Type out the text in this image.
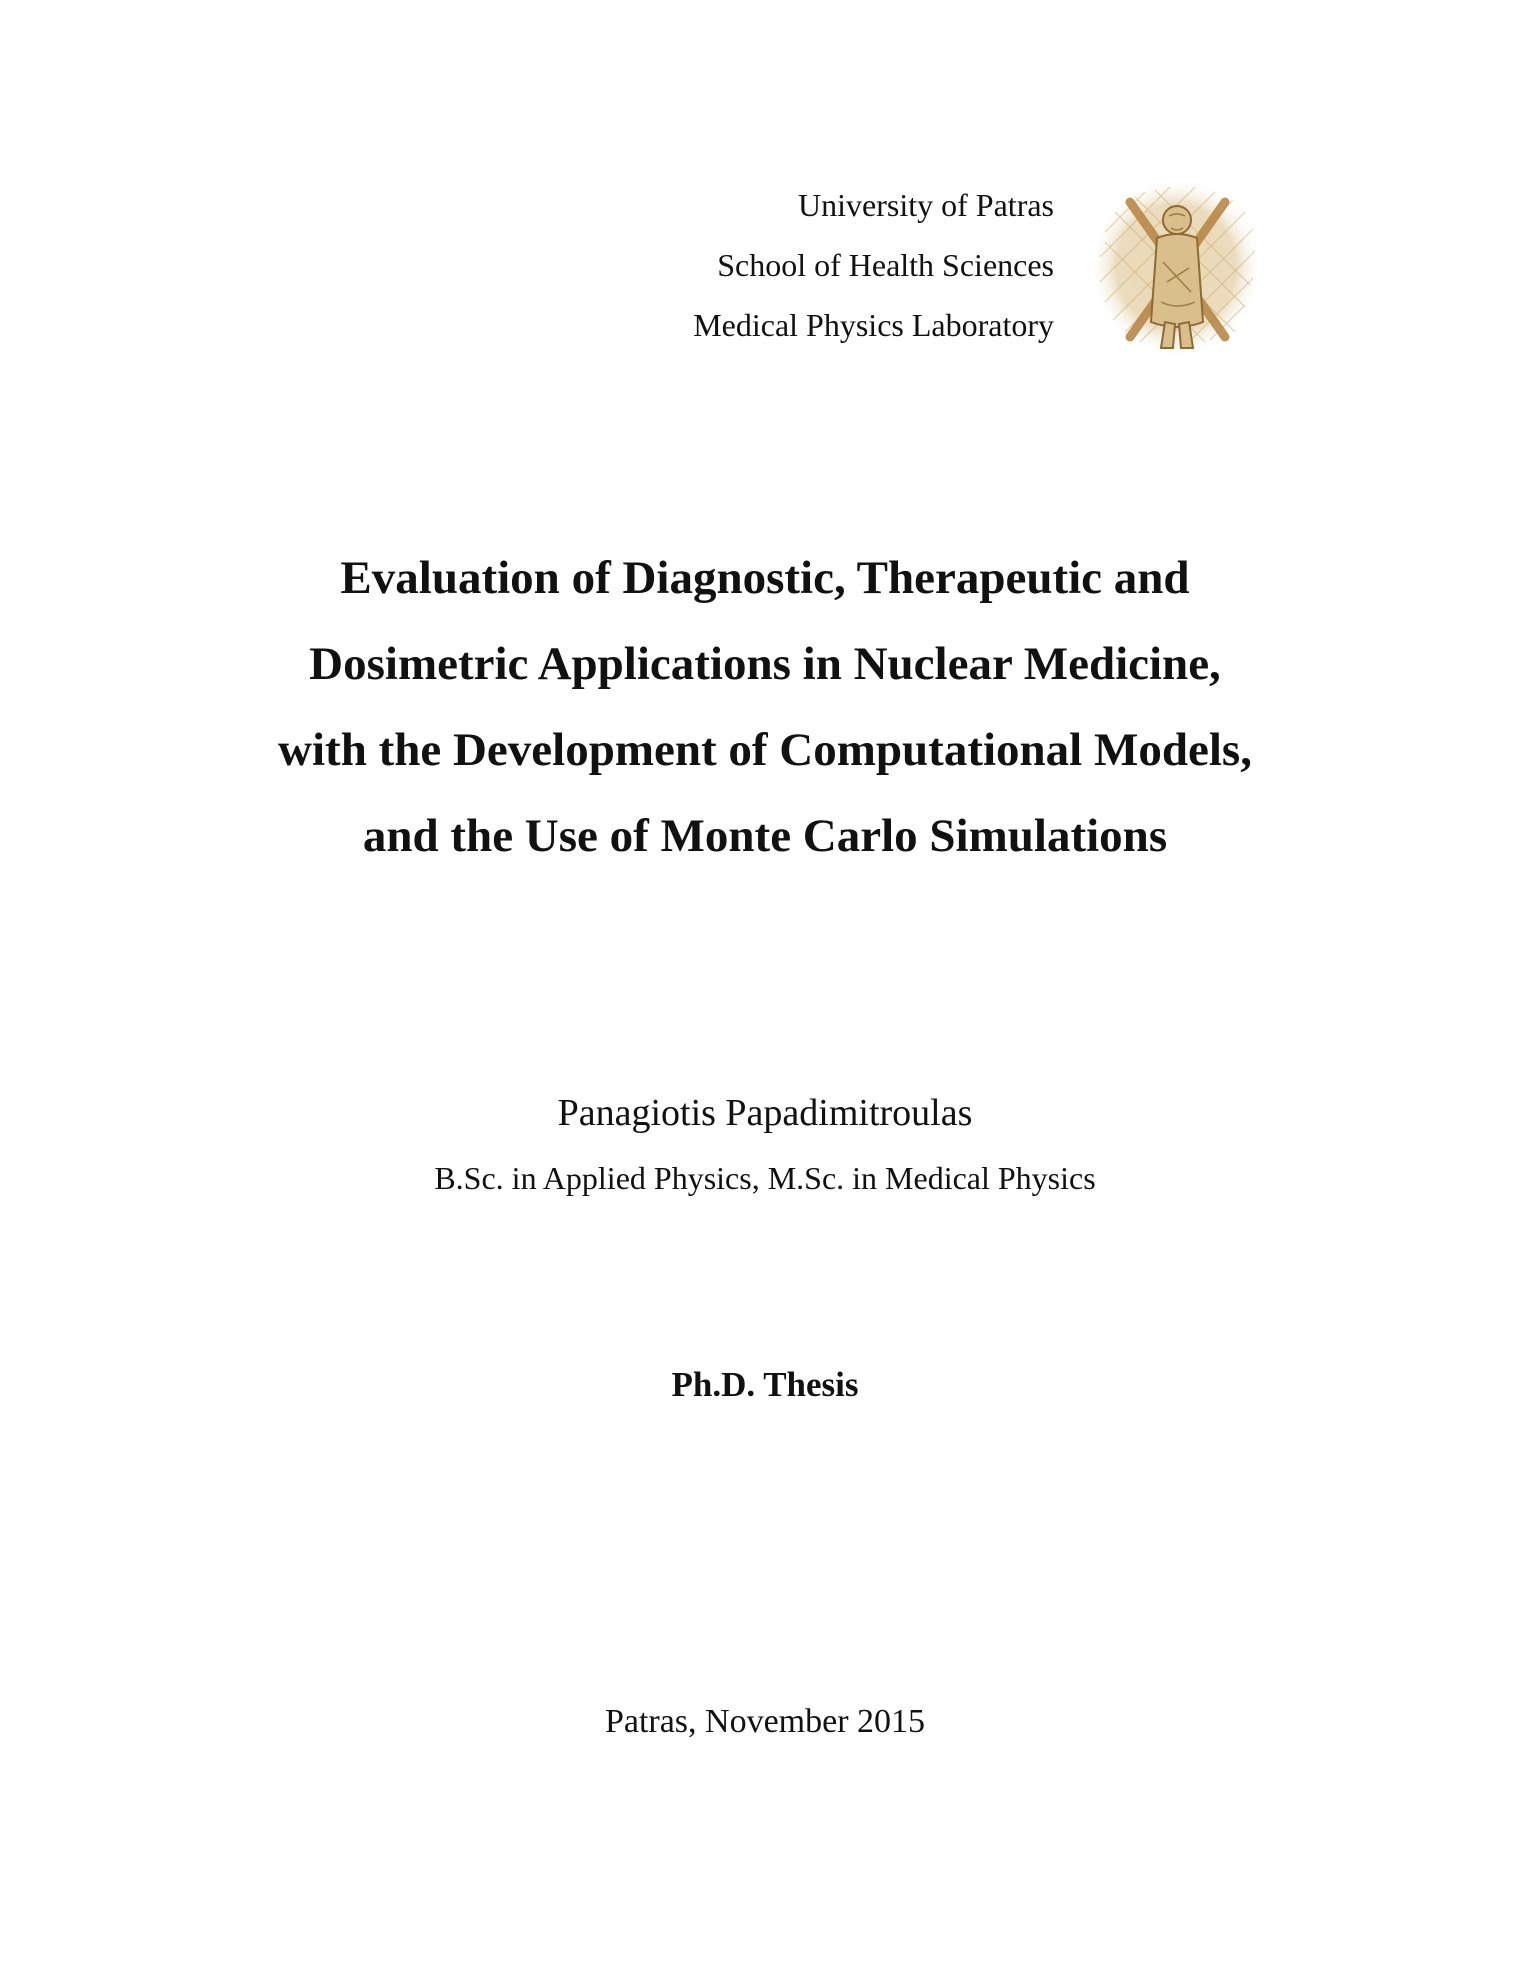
University of Patras
School of Health Sciences
Medical Physics Laboratory
Evaluation of Diagnostic, Therapeutic and
Dosimetric Applications in Nuclear Medicine,
with the Development of Computational Models,
and the Use of Monte Carlo Simulations
Panagiotis Papadimitroulas
B.Sc. in Applied Physics, M.Sc. in Medical Physics
Ph.D. Thesis
Patras, November 2015
